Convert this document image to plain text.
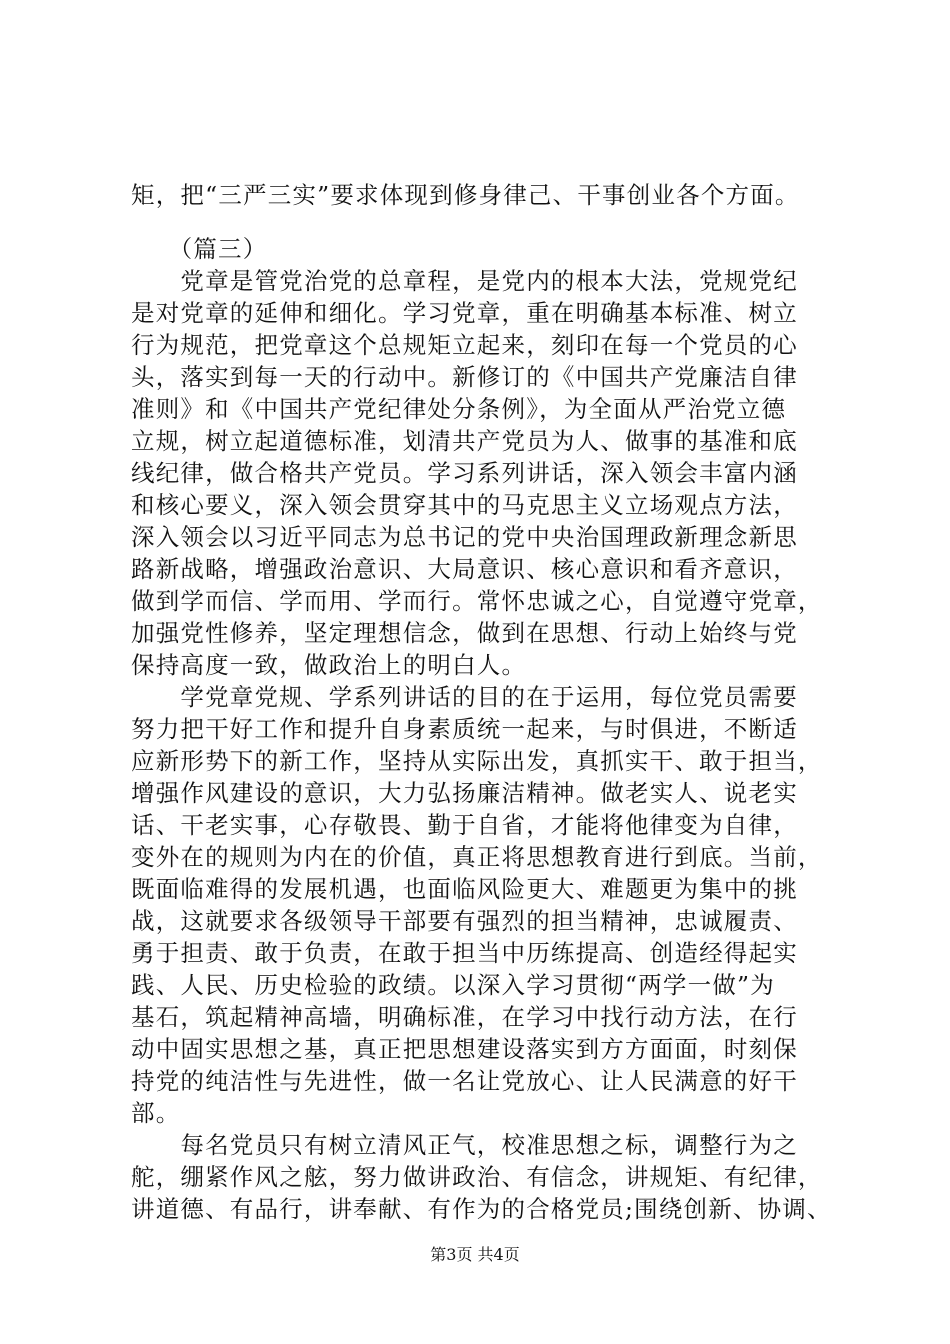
矩，把“三严三实”要求体现到修身律己、干事创业各个方面。
　　（篇三）
　　党章是管党治党的总章程，是党内的根本大法，党规党纪
是对党章的延伸和细化。学习党章，重在明确基本标准、树立
行为规范，把党章这个总规矩立起来，刻印在每一个党员的心
头，落实到每一天的行动中。新修订的《中国共产党廉洁自律
准则》和《中国共产党纪律处分条例》，为全面从严治党立德
立规，树立起道德标准，划清共产党员为人、做事的基准和底
线纪律，做合格共产党员。学习系列讲话，深入领会丰富内涵
和核心要义，深入领会贯穿其中的马克思主义立场观点方法，
深入领会以习近平同志为总书记的党中央治国理政新理念新思
路新战略，增强政治意识、大局意识、核心意识和看齐意识，
做到学而信、学而用、学而行。常怀忠诚之心，自觉遵守党章，
加强党性修养，坚定理想信念，做到在思想、行动上始终与党
保持高度一致，做政治上的明白人。
　　学党章党规、学系列讲话的目的在于运用，每位党员需要
努力把干好工作和提升自身素质统一起来，与时俱进，不断适
应新形势下的新工作，坚持从实际出发，真抓实干、敢于担当，
增强作风建设的意识，大力弘扬廉洁精神。做老实人、说老实
话、干老实事，心存敬畏、勤于自省，才能将他律变为自律，
变外在的规则为内在的价值，真正将思想教育进行到底。当前，
既面临难得的发展机遇，也面临风险更大、难题更为集中的挑
战，这就要求各级领导干部要有强烈的担当精神，忠诚履责、
勇于担责、敢于负责，在敢于担当中历练提高、创造经得起实
践、人民、历史检验的政绩。以深入学习贯彻“两学一做”为
基石，筑起精神高墙，明确标准，在学习中找行动方法，在行
动中固实思想之基，真正把思想建设落实到方方面面，时刻保
持党的纯洁性与先进性，做一名让党放心、让人民满意的好干
部。
　　每名党员只有树立清风正气，校准思想之标，调整行为之
舵，绷紧作风之舷，努力做讲政治、有信念，讲规矩、有纪律，
讲道德、有品行，讲奉献、有作为的合格党员;围绕创新、协调、
第3页 共4页
